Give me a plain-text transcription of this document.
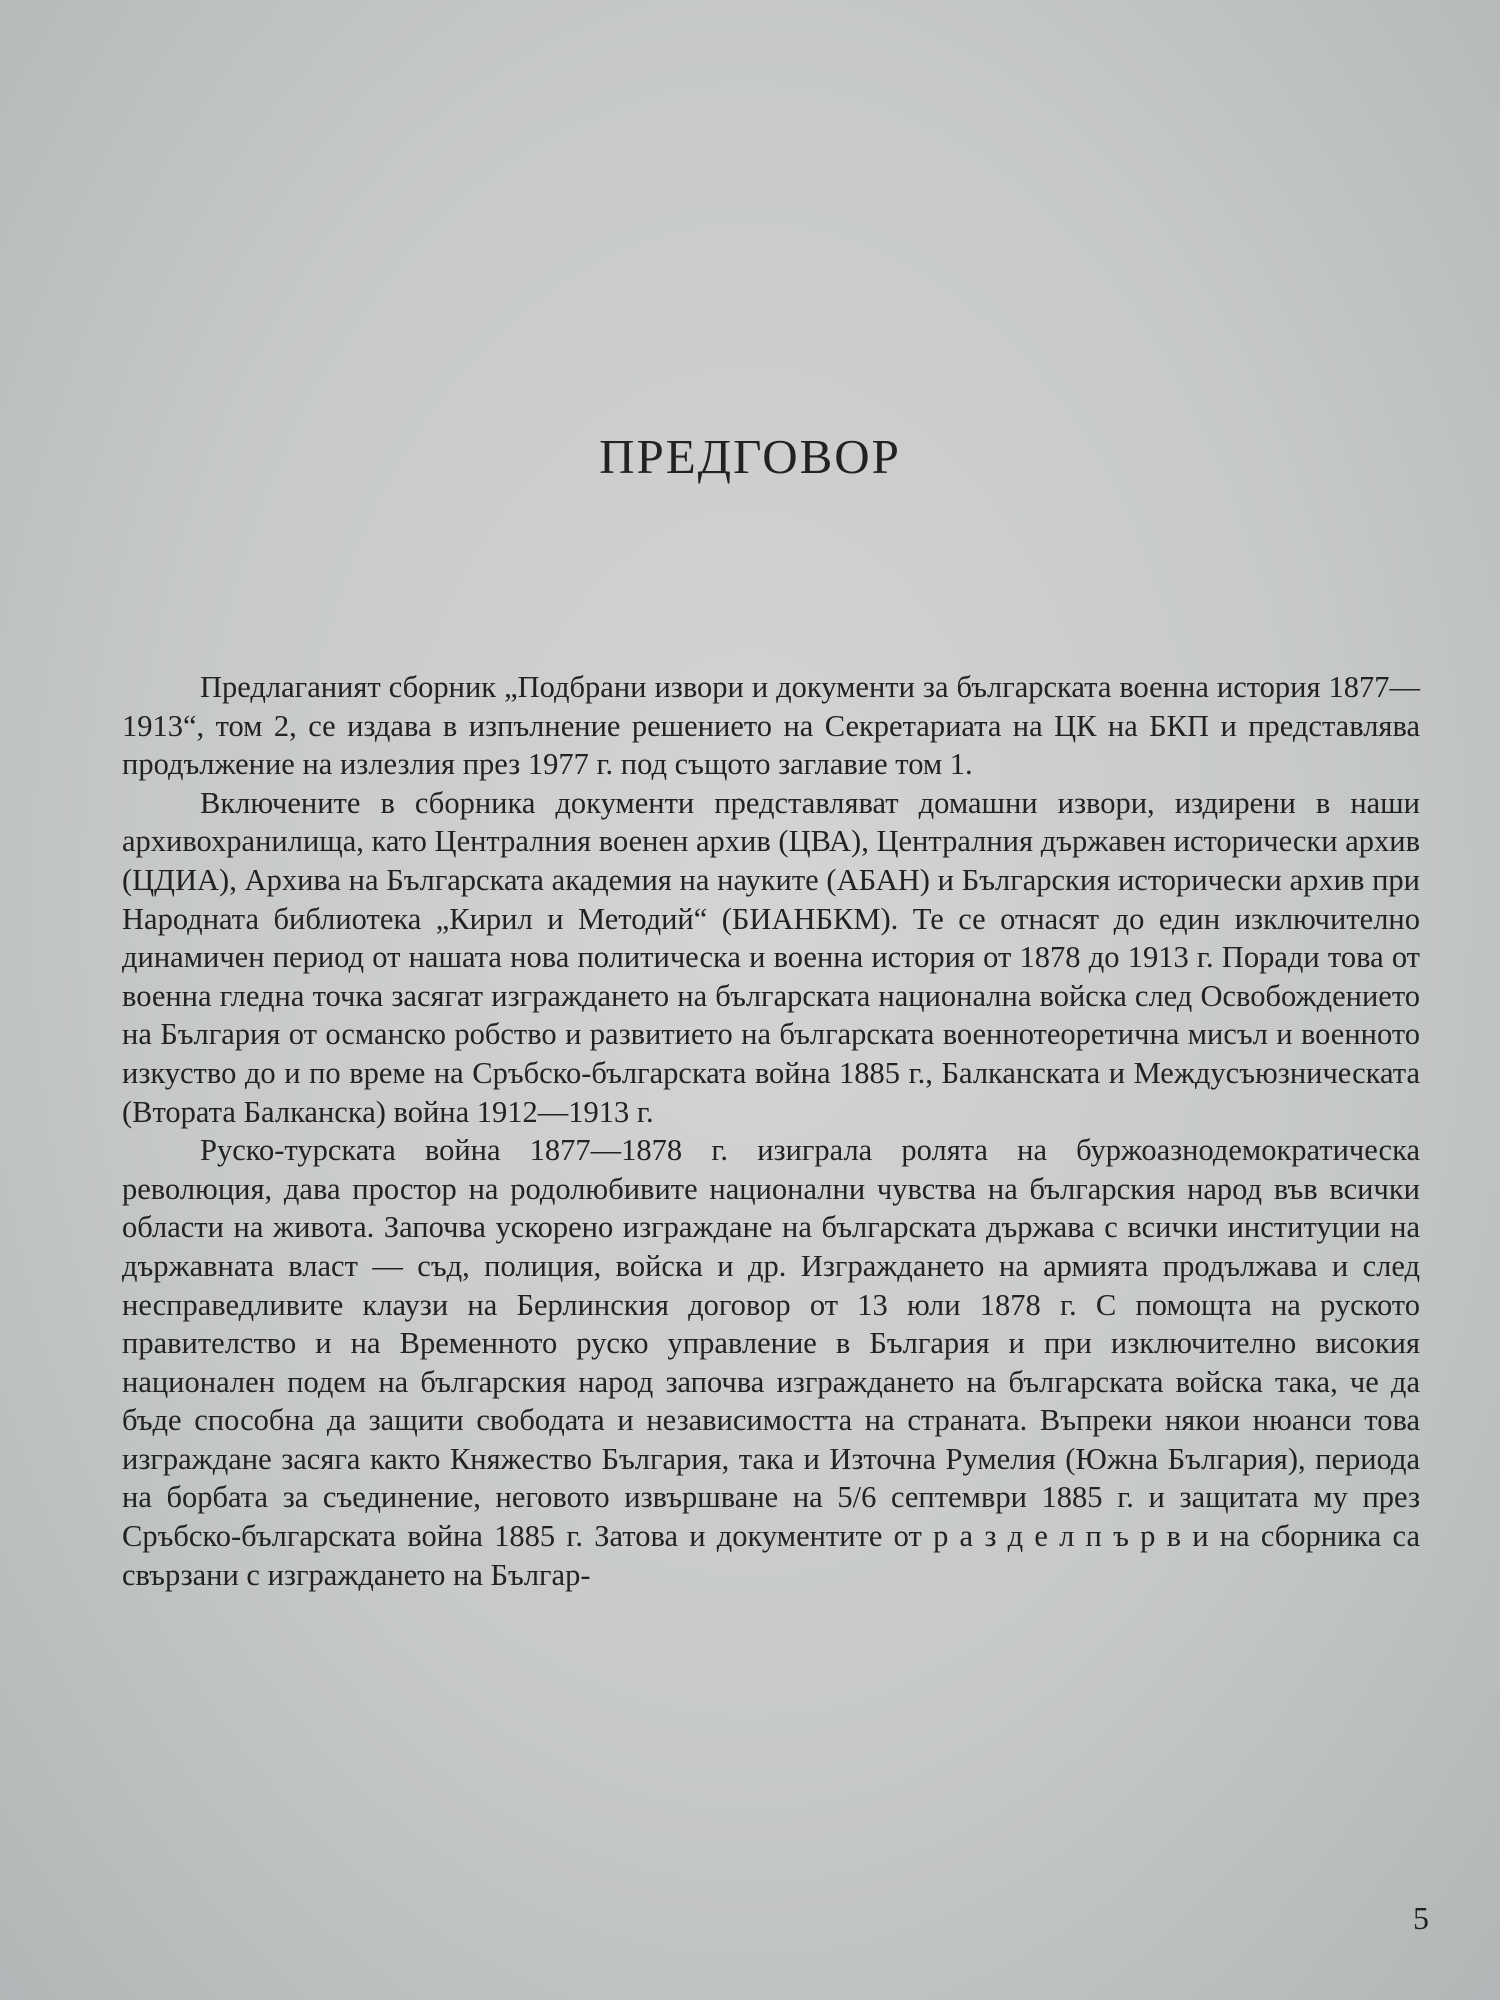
ПРЕДГОВОР

Предлаганият сборник „Подбрани извори и документи за българската военна история 1877—1913“, том 2, се издава в изпълнение решението на Секретариата на ЦК на БКП и представлява продължение на излезлия през 1977 г. под същото заглавие том 1.

Включените в сборника документи представляват домашни извори, издирени в наши архивохранилища, като Централния военен архив (ЦВА), Централния държавен исторически архив (ЦДИА), Архива на Българската академия на науките (АБАН) и Българския исторически архив при Народната библиотека „Кирил и Методий“ (БИАНБКМ). Те се отнасят до един изключително динамичен период от нашата нова политическа и военна история от 1878 до 1913 г. Поради това от военна гледна точка засягат изграждането на българската национална войска след Освобождението на България от османско робство и развитието на българската военнотеоретична мисъл и военното изкуство до и по време на Сръбско-българската война 1885 г., Балканската и Междусъюзническата (Втората Балканска) война 1912—1913 г.

Руско-турската война 1877—1878 г. изиграла ролята на буржоазнодемократическа революция, дава простор на родолюбивите национални чувства на българския народ във всички области на живота. Започва ускорено изграждане на българската държава с всички институции на държавната власт — съд, полиция, войска и др. Изграждането на армията продължава и след несправедливите клаузи на Берлинския договор от 13 юли 1878 г. С помощта на руското правителство и на Временното руско управление в България и при изключително високия национален подем на българския народ започва изграждането на българската войска така, че да бъде способна да защити свободата и независимостта на страната. Въпреки някои нюанси това изграждане засяга както Княжество България, така и Източна Румелия (Южна България), периода на борбата за съединение, неговото извършване на 5/6 септември 1885 г. и защитата му през Сръбско-българската война 1885 г. Затова и документите от р а з д е л п ъ р в и на сборника са свързани с изграждането на Българ-

5
